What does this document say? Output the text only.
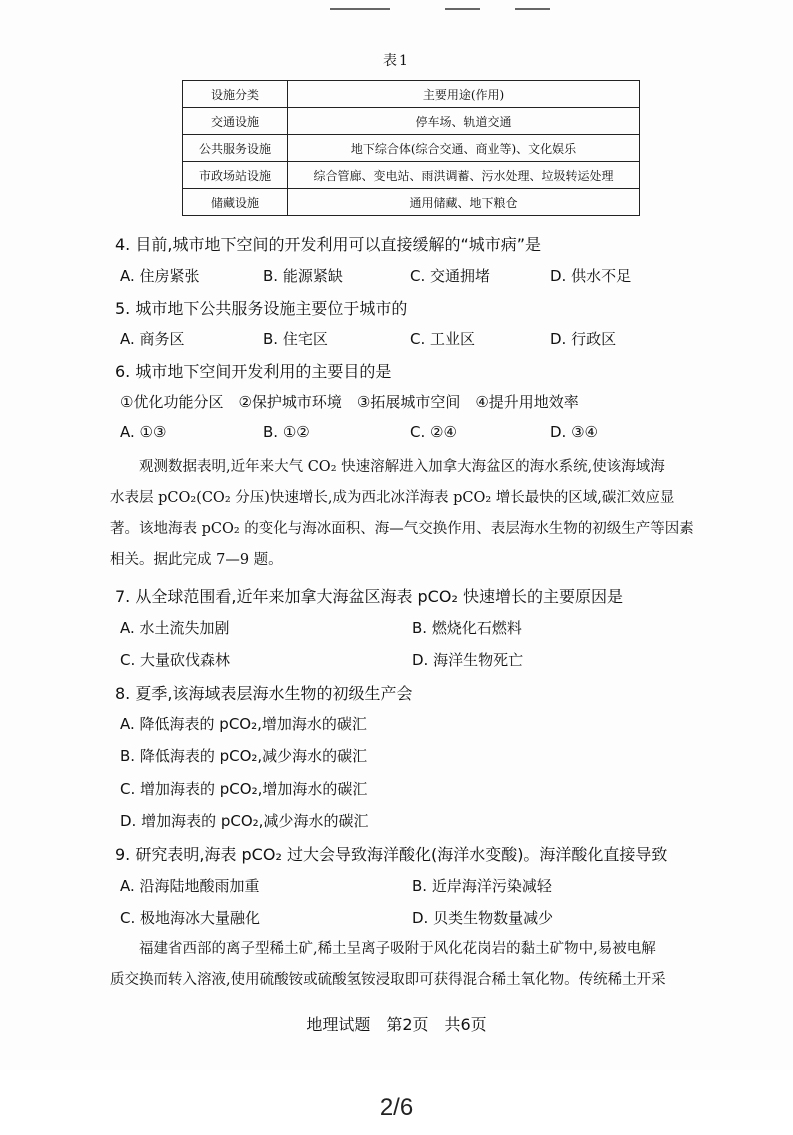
表1
设施分类	主要用途(作用)
交通设施	停车场、轨道交通
公共服务设施	地下综合体(综合交通、商业等)、文化娱乐
市政场站设施	综合管廊、变电站、雨洪调蓄、污水处理、垃圾转运处理
储藏设施	通用储藏、地下粮仓
4. 目前,城市地下空间的开发利用可以直接缓解的“城市病”是
A. 住房紧张	B. 能源紧缺	C. 交通拥堵	D. 供水不足
5. 城市地下公共服务设施主要位于城市的
A. 商务区	B. 住宅区	C. 工业区	D. 行政区
6. 城市地下空间开发利用的主要目的是
①优化功能分区　②保护城市环境　③拓展城市空间　④提升用地效率
A. ①③	B. ①②	C. ②④	D. ③④
　　观测数据表明,近年来大气 CO₂ 快速溶解进入加拿大海盆区的海水系统,使该海域海
水表层 pCO₂(CO₂ 分压)快速增长,成为西北冰洋海表 pCO₂ 增长最快的区域,碳汇效应显
著。该地海表 pCO₂ 的变化与海冰面积、海—气交换作用、表层海水生物的初级生产等因素
相关。据此完成 7—9 题。
7. 从全球范围看,近年来加拿大海盆区海表 pCO₂ 快速增长的主要原因是
A. 水土流失加剧	B. 燃烧化石燃料
C. 大量砍伐森林	D. 海洋生物死亡
8. 夏季,该海域表层海水生物的初级生产会
A. 降低海表的 pCO₂,增加海水的碳汇
B. 降低海表的 pCO₂,减少海水的碳汇
C. 增加海表的 pCO₂,增加海水的碳汇
D. 增加海表的 pCO₂,减少海水的碳汇
9. 研究表明,海表 pCO₂ 过大会导致海洋酸化(海洋水变酸)。海洋酸化直接导致
A. 沿海陆地酸雨加重	B. 近岸海洋污染减轻
C. 极地海冰大量融化	D. 贝类生物数量减少
　　福建省西部的离子型稀土矿,稀土呈离子吸附于风化花岗岩的黏土矿物中,易被电解
质交换而转入溶液,使用硫酸铵或硫酸氢铵浸取即可获得混合稀土氧化物。传统稀土开采
地理试题　第2页　共6页
2/6
